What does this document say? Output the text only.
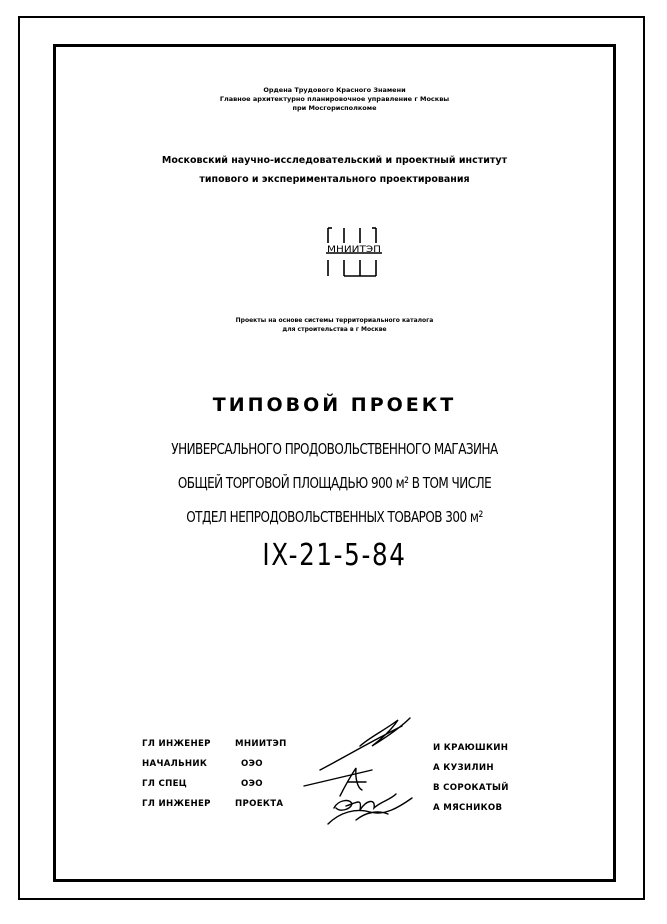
Ордена Трудового Красного Знамени
Главное архитектурно планировочное управление г Москвы
при Мосгорисполкоме
Московский научно-исследовательский и проектный институт
типового и экспериментального проектирования
МНИИТЭП
Проекты на основе системы территориального каталога
для строительства в г Москве
ТИПОВОЙ ПРОЕКТ
УНИВЕРСАЛЬНОГО ПРОДОВОЛЬСТВЕННОГО МАГАЗИНА
ОБЩЕЙ ТОРГОВОЙ ПЛОЩАДЬЮ 900 м² В ТОМ ЧИСЛЕ
ОТДЕЛ НЕПРОДОВОЛЬСТВЕННЫХ ТОВАРОВ 300 м²
IX-21-5-84
ГЛ ИНЖЕНЕР
НАЧАЛЬНИК
ГЛ СПЕЦ
ГЛ ИНЖЕНЕР
МНИИТЭП
ОЭО
ОЭО
ПРОЕКТА
И КРАЮШКИН
А КУЗИЛИН
В СОРОКАТЫЙ
А МЯСНИКОВ
